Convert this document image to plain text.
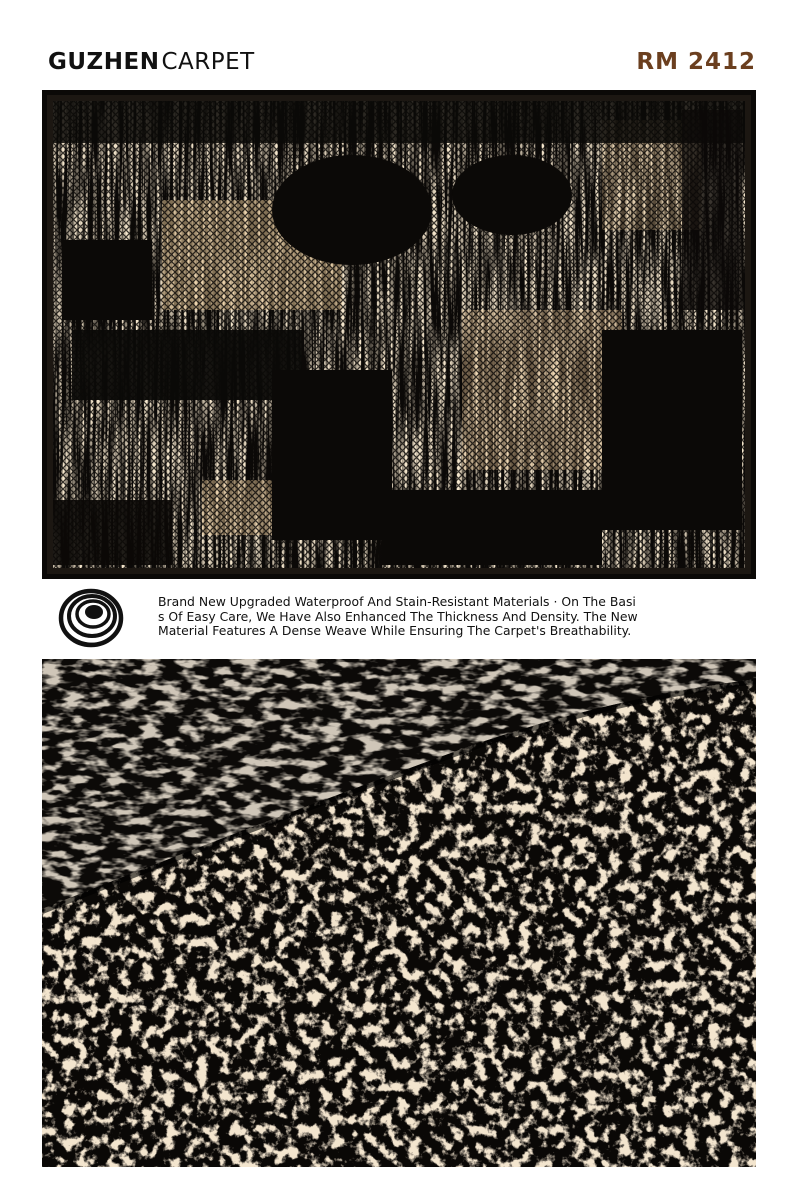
GUZHENCARPET	RM 2412
Brand New Upgraded Waterproof And Stain-Resistant Materials · On The Basis Of Easy Care, We Have Also Enhanced The Thickness And Density. The New Material Features A Dense Weave While Ensuring The Carpet's Breathability.
